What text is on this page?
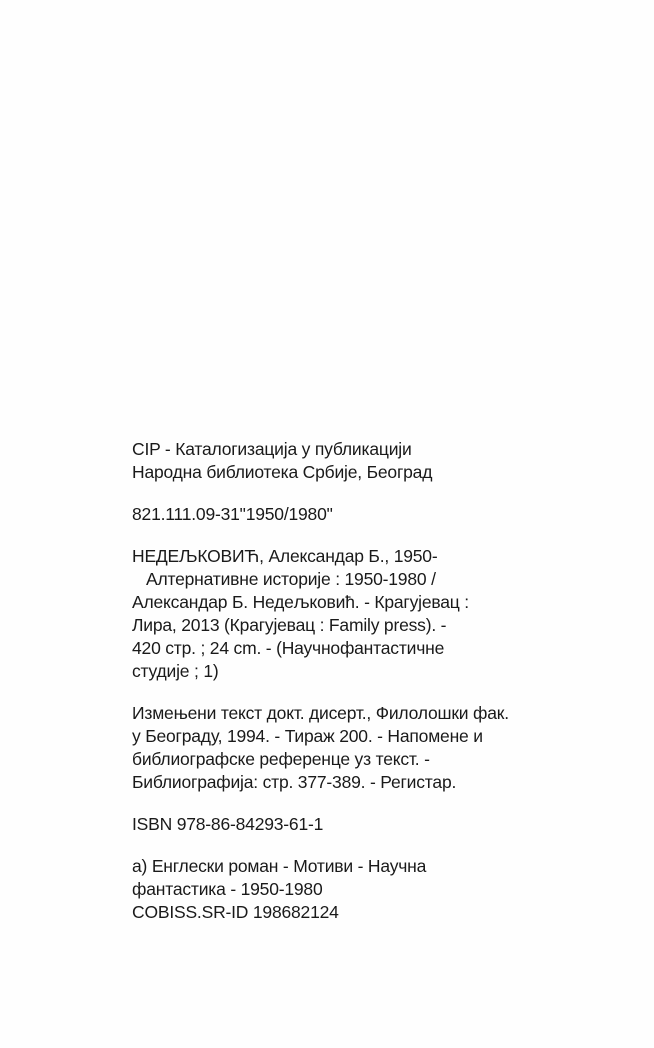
CIP - Каталогизација у публикацији
Народна библиотека Србије, Београд
821.111.09-31"1950/1980"
НЕДЕЉКОВИЋ, Александар Б., 1950-
Алтернативне историје : 1950-1980 /
Александар Б. Недељковић. - Крагујевац :
Лира, 2013 (Крагујевац : Family press). -
420 стр. ; 24 cm. - (Научнофантастичне
студије ; 1)
Измењени текст докт. дисерт., Филолошки фак.
у Београду, 1994. - Тираж 200. - Напомене и
библиографске референце уз текст. -
Библиографија: стр. 377-389. - Регистар.
ISBN 978-86-84293-61-1
а) Енглески роман - Мотиви - Научна
фантастика - 1950-1980
COBISS.SR-ID 198682124
